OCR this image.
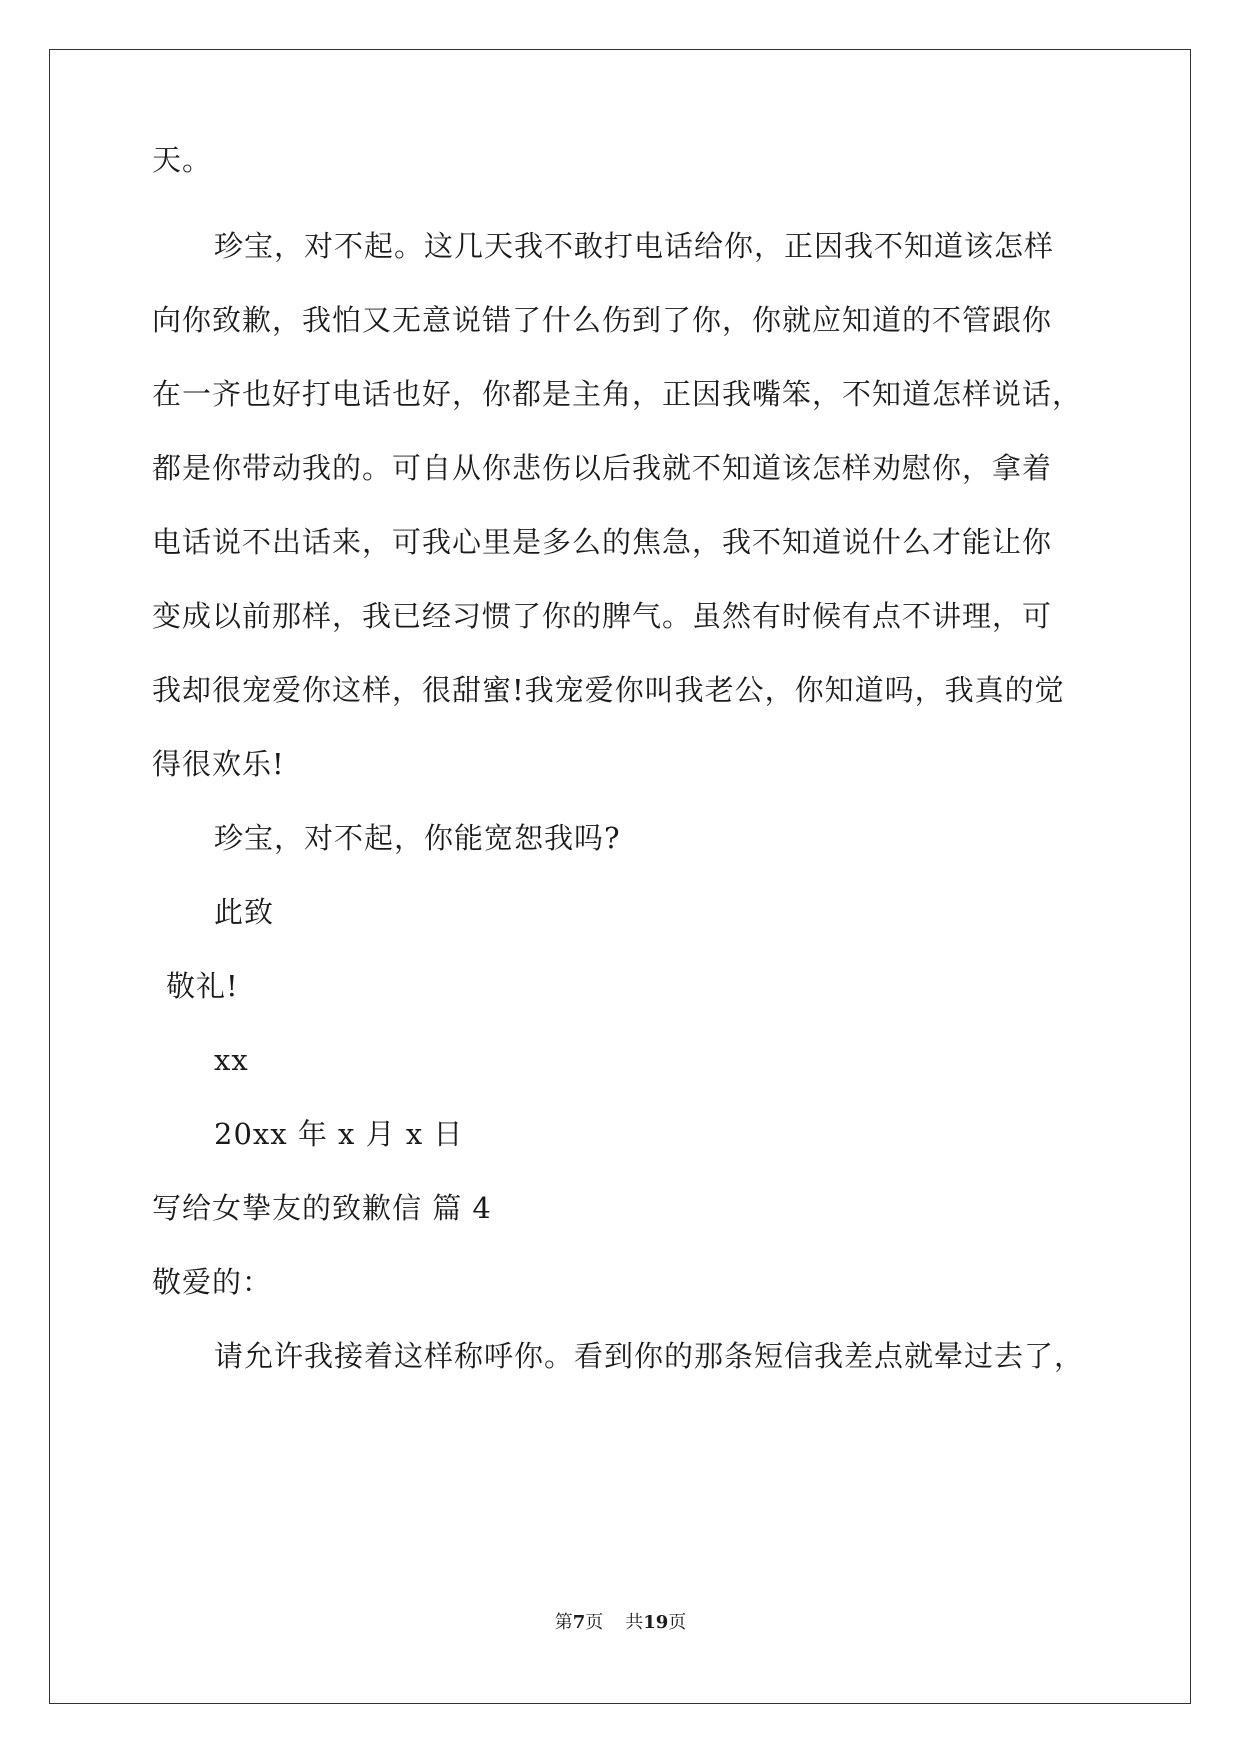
天。
珍宝，对不起。这几天我不敢打电话给你，正因我不知道该怎样
向你致歉，我怕又无意说错了什么伤到了你，你就应知道的不管跟你
在一齐也好打电话也好，你都是主角，正因我嘴笨，不知道怎样说话，
都是你带动我的。可自从你悲伤以后我就不知道该怎样劝慰你，拿着
电话说不出话来，可我心里是多么的焦急，我不知道说什么才能让你
变成以前那样，我已经习惯了你的脾气。虽然有时候有点不讲理，可
我却很宠爱你这样，很甜蜜!我宠爱你叫我老公，你知道吗，我真的觉
得很欢乐!
珍宝，对不起，你能宽恕我吗?
此致
敬礼!
xx
20xx 年 x 月 x 日
写给女挚友的致歉信 篇 4
敬爱的：
请允许我接着这样称呼你。看到你的那条短信我差点就晕过去了，
第7页 共19页
